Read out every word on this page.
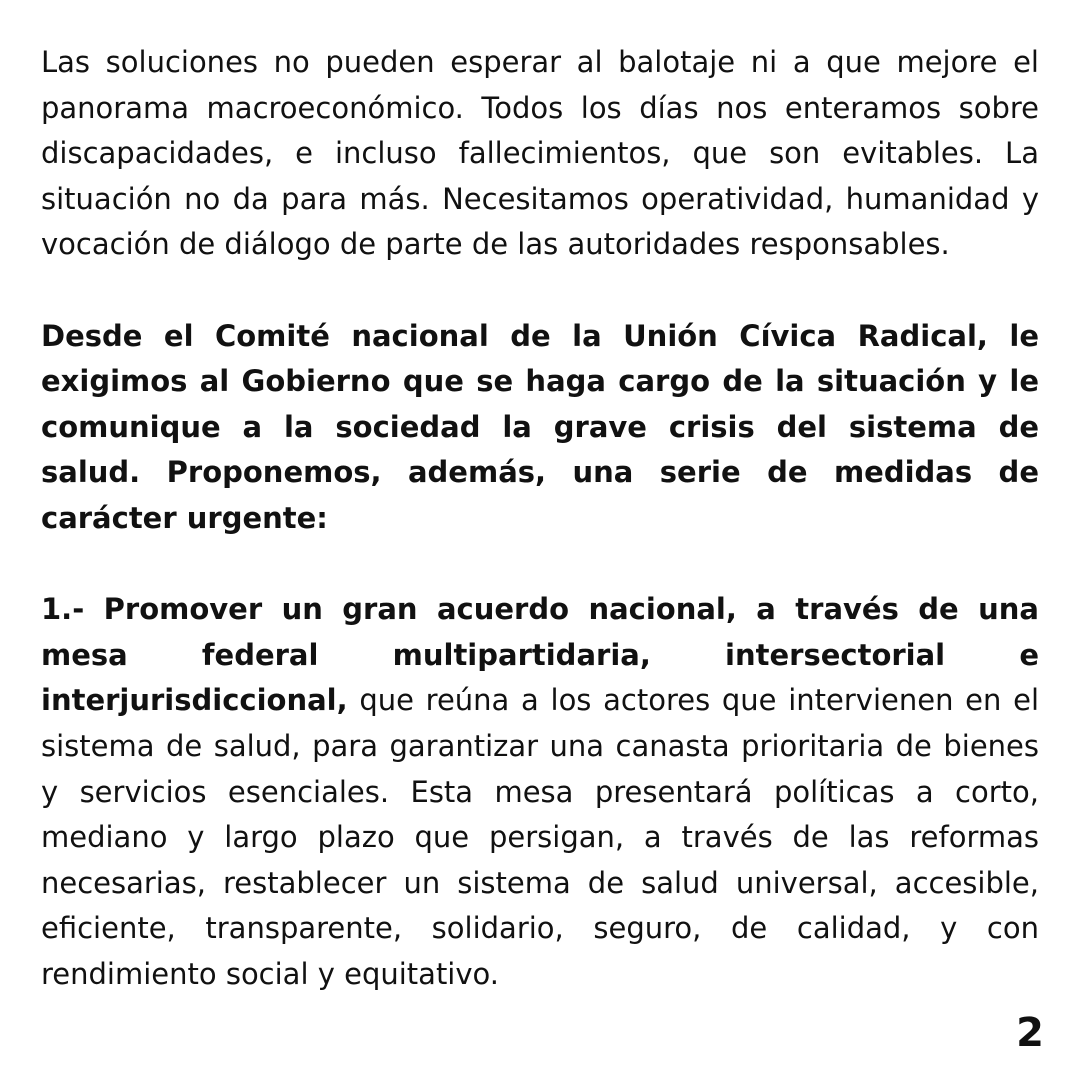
Las soluciones no pueden esperar al balotaje ni a que mejore el panorama macroeconómico. Todos los días nos enteramos sobre discapacidades, e incluso fallecimientos, que son evitables. La situación no da para más. Necesitamos operatividad, humanidad y vocación de diálogo de parte de las autoridades responsables.

Desde el Comité nacional de la Unión Cívica Radical, le exigimos al Gobierno que se haga cargo de la situación y le comunique a la sociedad la grave crisis del sistema de salud. Proponemos, además, una serie de medidas de carácter urgente:

1.- Promover un gran acuerdo nacional, a través de una mesa federal multipartidaria, intersectorial e interjurisdiccional, que reúna a los actores que intervienen en el sistema de salud, para garantizar una canasta prioritaria de bienes y servicios esenciales. Esta mesa presentará políticas a corto, mediano y largo plazo que persigan, a través de las reformas necesarias, restablecer un sistema de salud universal, accesible, eficiente, transparente, solidario, seguro, de calidad, y con rendimiento social y equitativo.

2
